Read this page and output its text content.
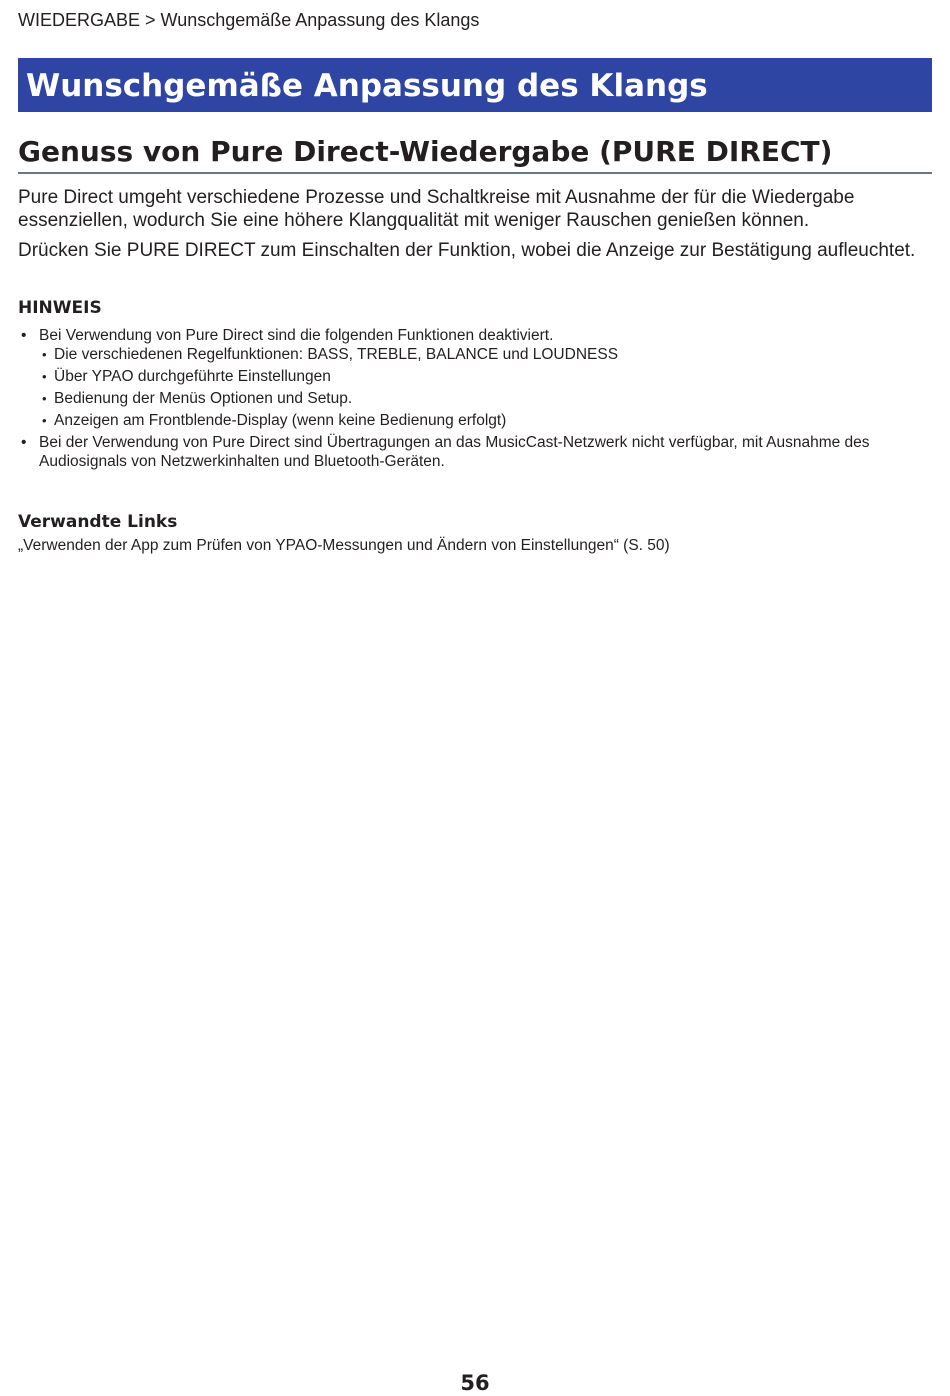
WIEDERGABE > Wunschgemäße Anpassung des Klangs
Wunschgemäße Anpassung des Klangs
Genuss von Pure Direct-Wiedergabe (PURE DIRECT)

Pure Direct umgeht verschiedene Prozesse und Schaltkreise mit Ausnahme der für die Wiedergabe essenziellen, wodurch Sie eine höhere Klangqualität mit weniger Rauschen genießen können.

Drücken Sie PURE DIRECT zum Einschalten der Funktion, wobei die Anzeige zur Bestätigung aufleuchtet.

HINWEIS
• Bei Verwendung von Pure Direct sind die folgenden Funktionen deaktiviert.
• Die verschiedenen Regelfunktionen: BASS, TREBLE, BALANCE und LOUDNESS
• Über YPAO durchgeführte Einstellungen
• Bedienung der Menüs Optionen und Setup.
• Anzeigen am Frontblende-Display (wenn keine Bedienung erfolgt)
• Bei der Verwendung von Pure Direct sind Übertragungen an das MusicCast-Netzwerk nicht verfügbar, mit Ausnahme des Audiosignals von Netzwerkinhalten und Bluetooth-Geräten.
Verwandte Links
„Verwenden der App zum Prüfen von YPAO-Messungen und Ändern von Einstellungen“ (S. 50)
56
